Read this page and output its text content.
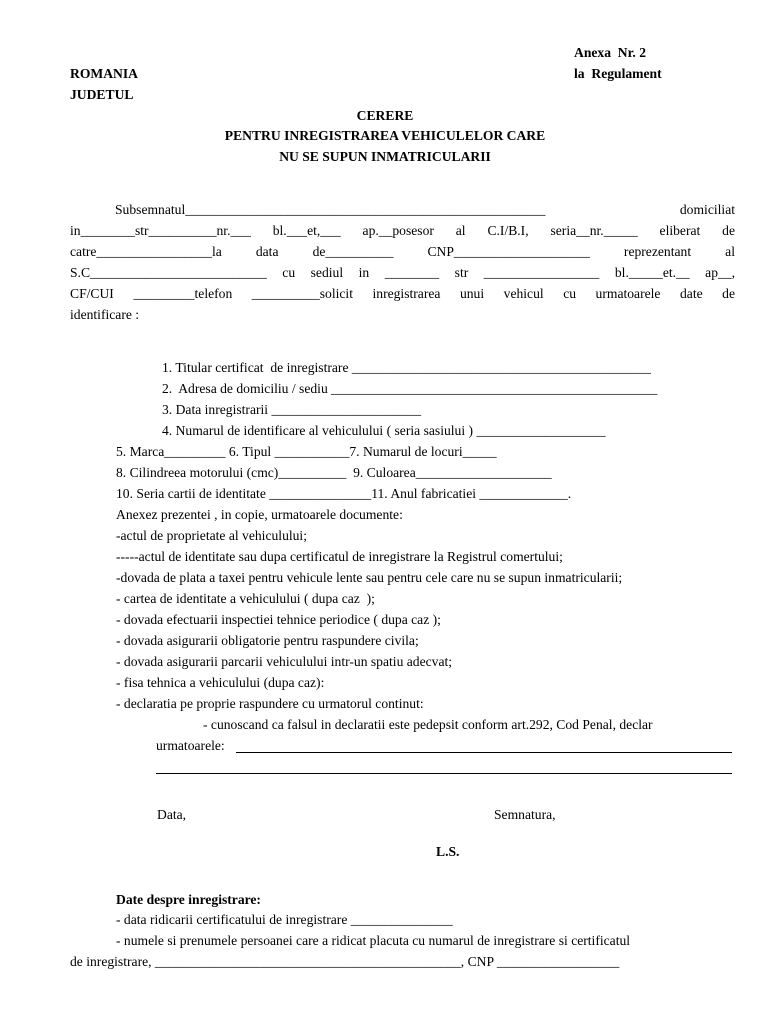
Anexa  Nr. 2
la  Regulament
ROMANIA
JUDETUL
CERERE
PENTRU INREGISTRAREA VEHICULELOR CARE
NU SE SUPUN INMATRICULARII
Subsemnatul_____________________________________________________ domiciliat
in________str__________nr.___ bl.___et,___ ap.__posesor al C.I/B.I, seria__nr._____ eliberat de
catre_________________la data de__________ CNP____________________ reprezentant al
S.C__________________________ cu sediul in ________ str _________________ bl._____et.__ ap__,
CF/CUI _________telefon __________solicit inregistrarea unui vehicul cu urmatoarele date de
identificare :
1. Titular certificat  de inregistrare ____________________________________________
2.  Adresa de domiciliu / sediu ________________________________________________
3. Data inregistrarii ______________________
4. Numarul de identificare al vehiculului ( seria sasiului ) ___________________
5. Marca_________ 6. Tipul ___________7. Numarul de locuri_____
8. Cilindreea motorului (cmc)__________  9. Culoarea____________________
10. Seria cartii de identitate _______________11. Anul fabricatiei _____________.
Anexez prezentei , in copie, urmatoarele documente:
-actul de proprietate al vehiculului;
-----actul de identitate sau dupa certificatul de inregistrare la Registrul comertului;
-dovada de plata a taxei pentru vehicule lente sau pentru cele care nu se supun inmatricularii;
- cartea de identitate a vehiculului ( dupa caz  );
- dovada efectuarii inspectiei tehnice periodice ( dupa caz );
- dovada asigurarii obligatorie pentru raspundere civila;
- dovada asigurarii parcarii vehiculului intr-un spatiu adecvat;
- fisa tehnica a vehiculului (dupa caz):
- declaratia pe proprie raspundere cu urmatorul continut:
- cunoscand ca falsul in declaratii este pedepsit conform art.292, Cod Penal, declar
urmatoarele:
Data,	Semnatura,
L.S.
Date despre inregistrare:
- data ridicarii certificatului de inregistrare _______________
- numele si prenumele persoanei care a ridicat placuta cu numarul de inregistrare si certificatul
de inregistrare, _____________________________________________, CNP __________________
